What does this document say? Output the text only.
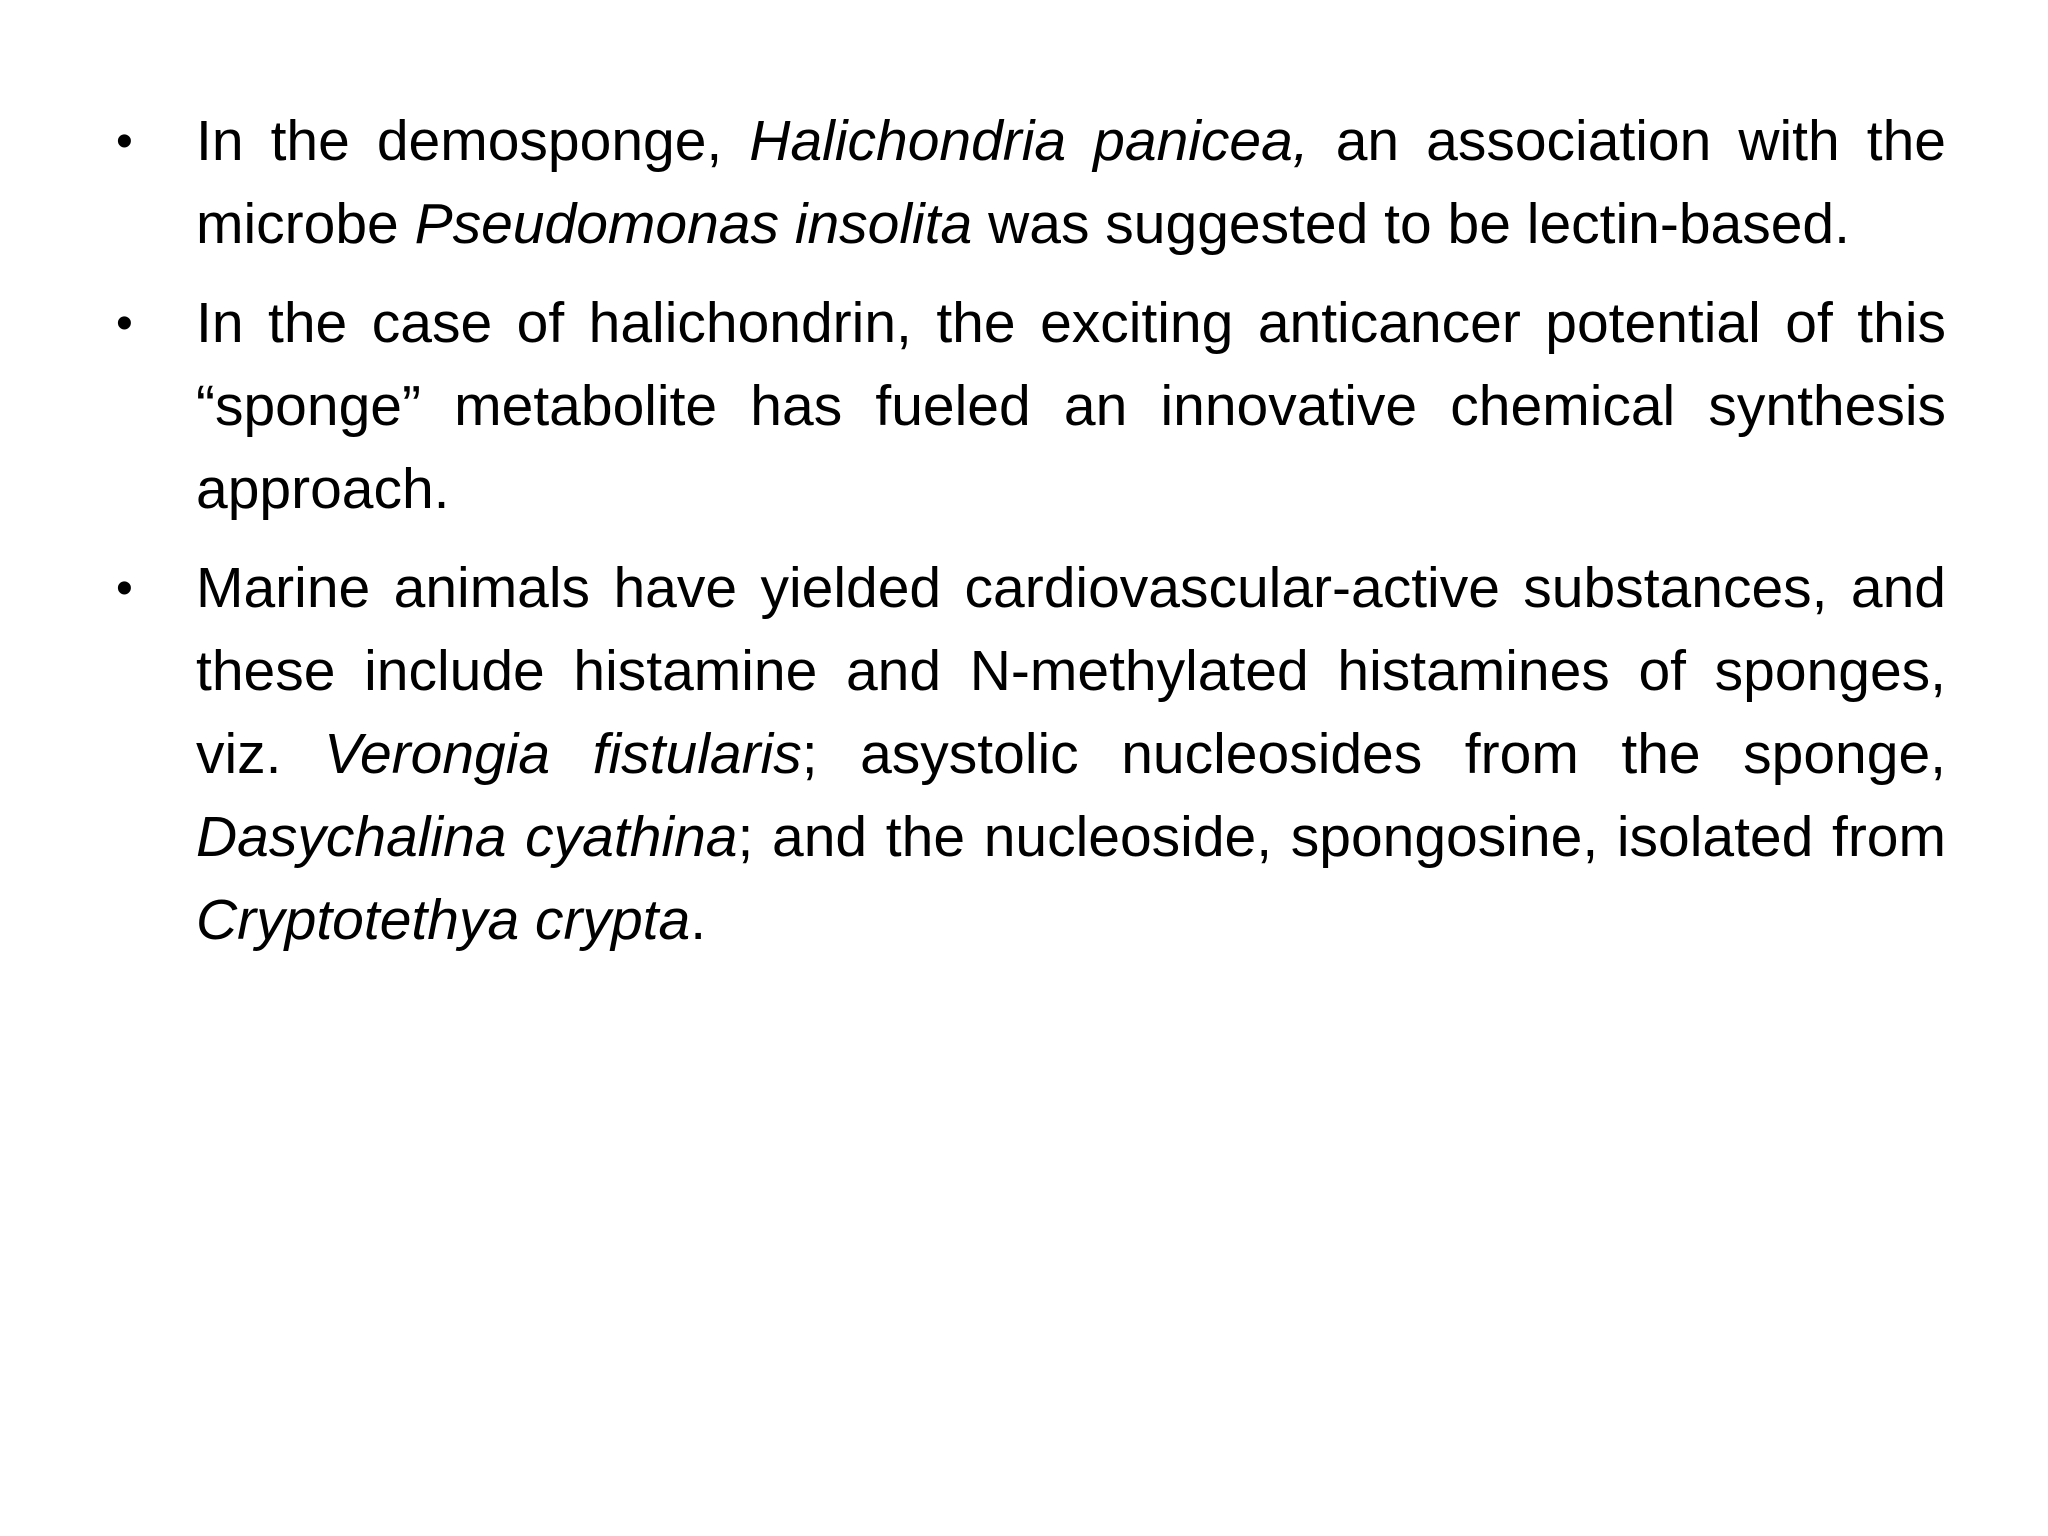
• In the demosponge, Halichondria panicea, an association with the microbe Pseudomonas insolita was suggested to be lectin-based.
• In the case of halichondrin, the exciting anticancer potential of this “sponge” metabolite has fueled an innovative chemical synthesis approach.
• Marine animals have yielded cardiovascular-active substances, and these include histamine and N-methylated histamines of sponges, viz. Verongia fistularis; asystolic nucleosides from the sponge, Dasychalina cyathina; and the nucleoside, spongosine, isolated from Cryptotethya crypta.
